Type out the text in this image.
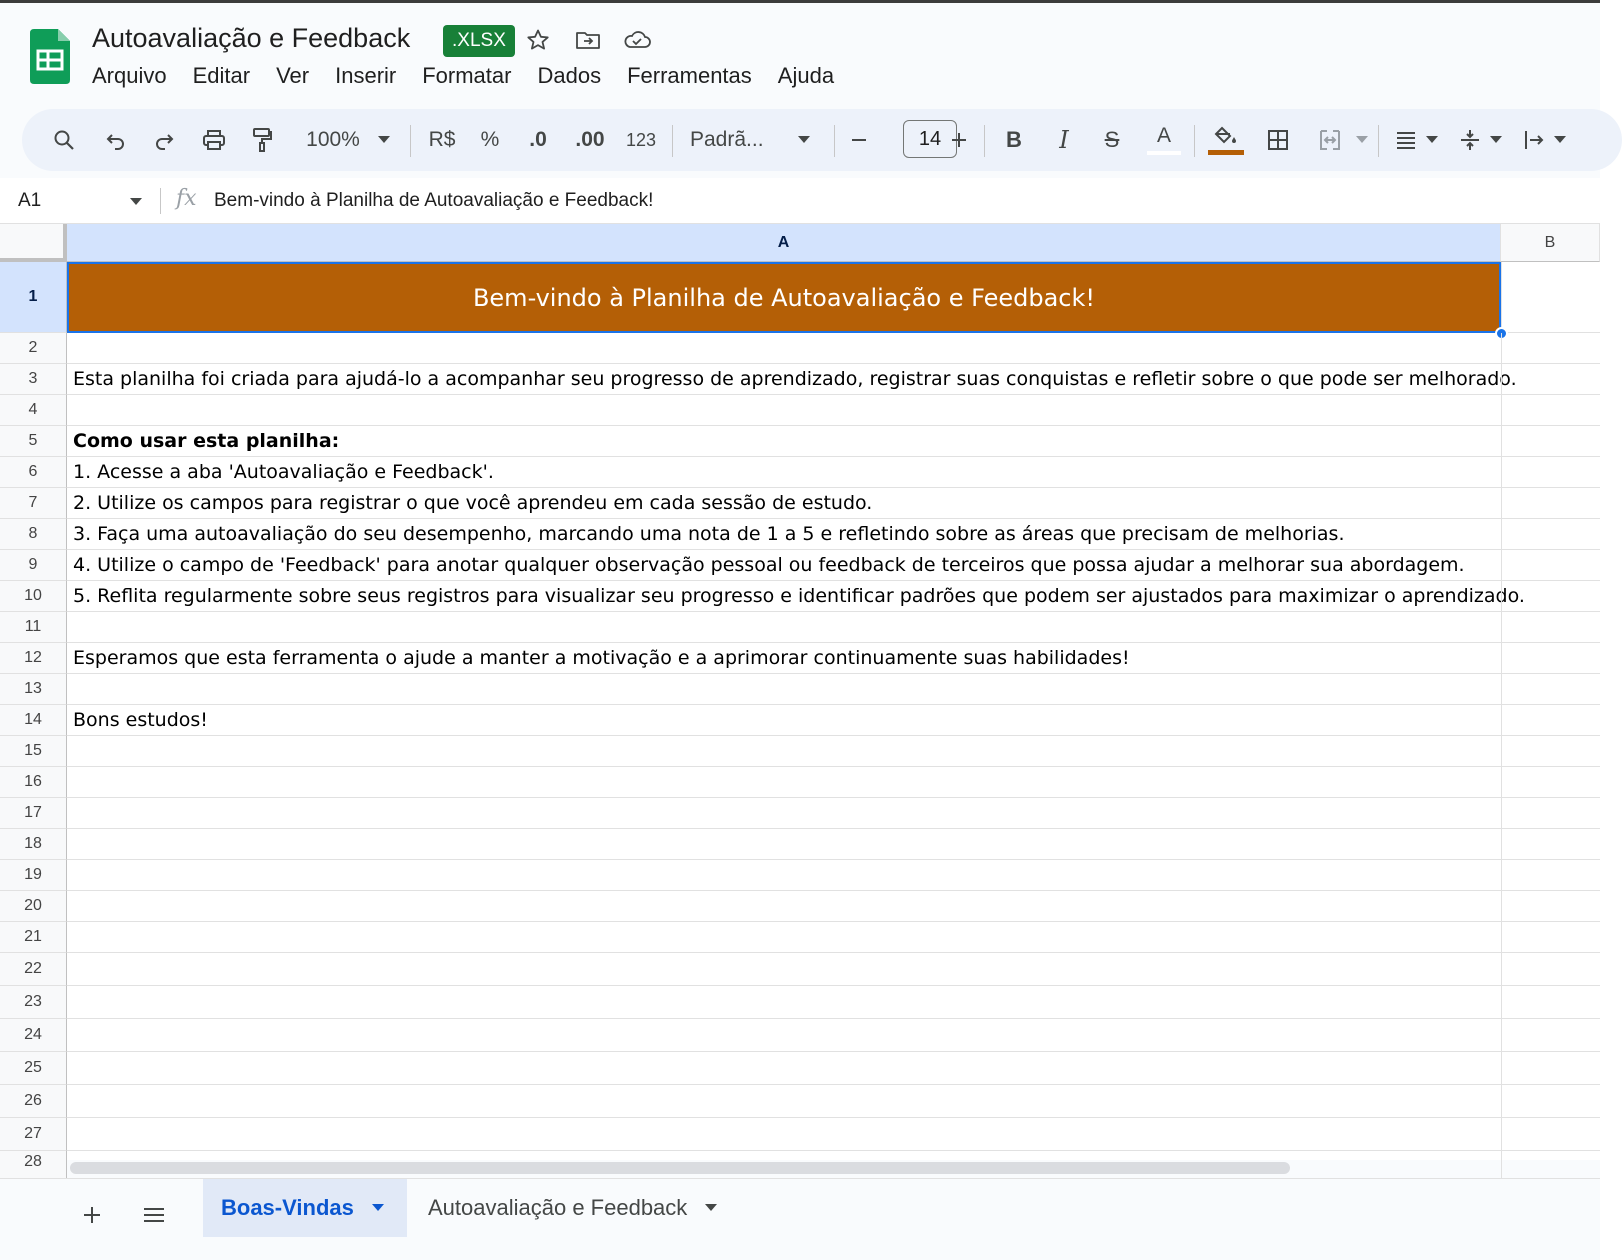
Autoavaliação e Feedback	.XLSX
Arquivo Editar Ver Inserir Formatar Dados Ferramentas Ajuda
100%	R$	%	.0 .00	123 Padrã...	14	B	I	S	A
A1	fx Bem-vindo à Planilha de Autoavaliação e Feedback!
A	B
1	Bem-vindo à Planilha de Autoavaliação e Feedback!
2
3	Esta planilha foi criada para ajudá-lo a acompanhar seu progresso de aprendizado, registrar suas conquistas e refletir sobre o que pode ser melhorado.
4
5	Como usar esta planilha:
6	1. Acesse a aba 'Autoavaliação e Feedback'.
7	2. Utilize os campos para registrar o que você aprendeu em cada sessão de estudo.
8	3. Faça uma autoavaliação do seu desempenho, marcando uma nota de 1 a 5 e refletindo sobre as áreas que precisam de melhorias.
9	4. Utilize o campo de 'Feedback' para anotar qualquer observação pessoal ou feedback de terceiros que possa ajudar a melhorar sua abordagem.
10	5. Reflita regularmente sobre seus registros para visualizar seu progresso e identificar padrões que podem ser ajustados para maximizar o aprendizado.
11
12	Esperamos que esta ferramenta o ajude a manter a motivação e a aprimorar continuamente suas habilidades!
13
14	Bons estudos!
15
16
17
18
19
20
21
22
23
24
25
26
27
28
Boas-Vindas	Autoavaliação e Feedback
